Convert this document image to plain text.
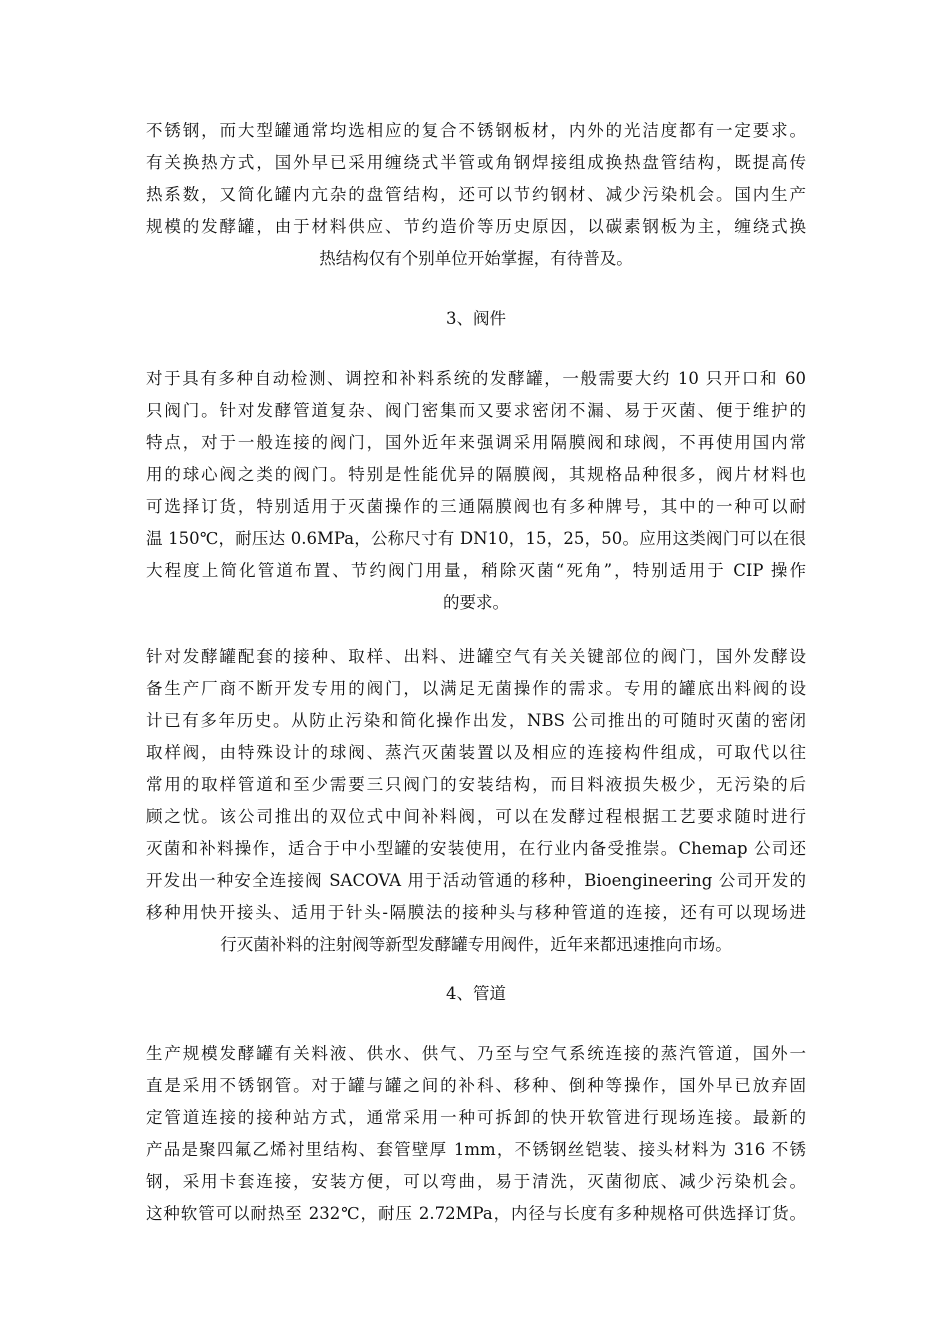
不锈钢，而大型罐通常均选相应的复合不锈钢板材，内外的光洁度都有一定要求。
有关换热方式，国外早已采用缠绕式半管或角钢焊接组成换热盘管结构，既提高传
热系数，又简化罐内亢杂的盘管结构，还可以节约钢材、减少污染机会。国内生产
规模的发酵罐，由于材料供应、节约造价等历史原因，以碳素钢板为主，缠绕式换
热结构仅有个别单位开始掌握，有待普及。
3、阀件
对于具有多种自动检测、调控和补料系统的发酵罐，一般需要大约 10 只开口和 60
只阀门。针对发酵管道复杂、阀门密集而又要求密闭不漏、易于灭菌、便于维护的
特点，对于一般连接的阀门，国外近年来强调采用隔膜阀和球阀，不再使用国内常
用的球心阀之类的阀门。特别是性能优异的隔膜阀，其规格品种很多，阀片材料也
可选择订货，特别适用于灭菌操作的三通隔膜阀也有多种牌号，其中的一种可以耐
温 150℃，耐压达 0.6MPa，公称尺寸有 DN10，15，25，50。应用这类阀门可以在很
大程度上简化管道布置、节约阀门用量，稍除灭菌“死角”，特别适用于 CIP 操作
的要求。
针对发酵罐配套的接种、取样、出料、进罐空气有关关键部位的阀门，国外发酵设
备生产厂商不断开发专用的阀门，以满足无菌操作的需求。专用的罐底出料阀的设
计已有多年历史。从防止污染和简化操作出发，NBS 公司推出的可随时灭菌的密闭
取样阀，由特殊设计的球阀、蒸汽灭菌装置以及相应的连接构件组成，可取代以往
常用的取样管道和至少需要三只阀门的安装结构，而目料液损失极少，无污染的后
顾之忧。该公司推出的双位式中间补料阀，可以在发酵过程根据工艺要求随时进行
灭菌和补料操作，适合于中小型罐的安装使用，在行业内备受推崇。Chemap 公司还
开发出一种安全连接阀 SACOVA 用于活动管通的移种，Bioengineering 公司开发的
移种用快开接头、适用于针头-隔膜法的接种头与移种管道的连接，还有可以现场进
行灭菌补料的注射阀等新型发酵罐专用阀件，近年来都迅速推向市场。
4、管道
生产规模发酵罐有关料液、供水、供气、乃至与空气系统连接的蒸汽管道，国外一
直是采用不锈钢管。对于罐与罐之间的补科、移种、倒种等操作，国外早已放弃固
定管道连接的接种站方式，通常采用一种可拆卸的快开软管进行现场连接。最新的
产品是聚四氟乙烯衬里结构、套管壁厚 1mm，不锈钢丝铠装、接头材料为 316 不锈
钢，采用卡套连接，安装方便，可以弯曲，易于清洗，灭菌彻底、减少污染机会。
这种软管可以耐热至 232℃，耐压 2.72MPa，内径与长度有多种规格可供选择订货。
